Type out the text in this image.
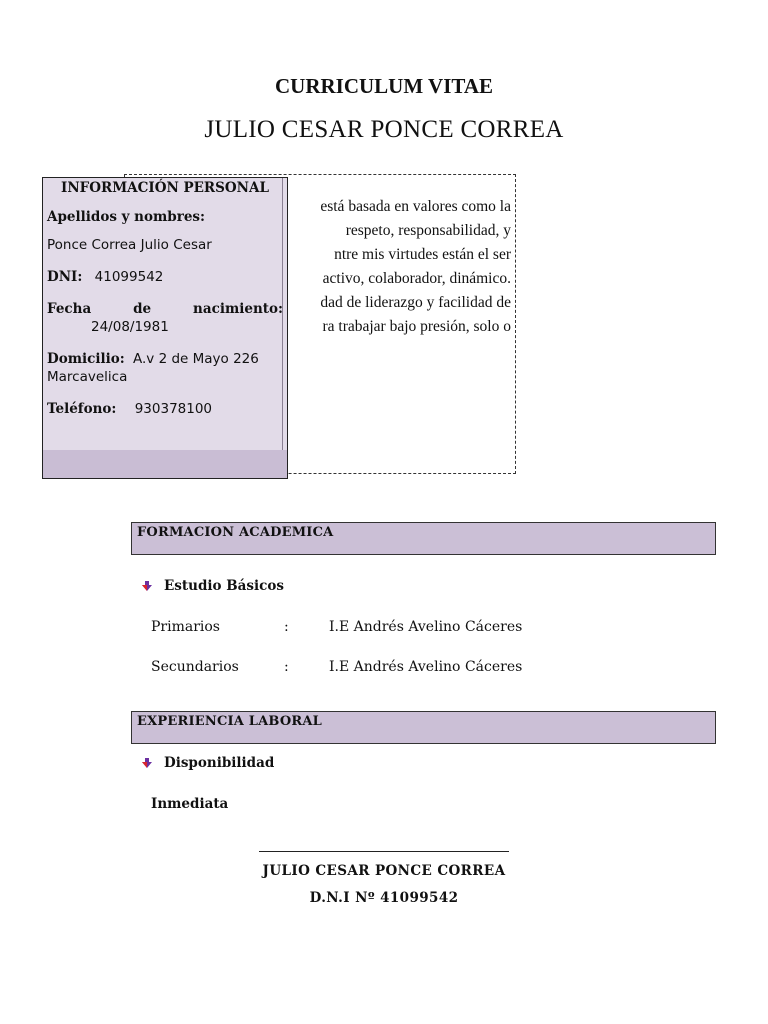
CURRICULUM VITAE
JULIO CESAR PONCE CORREA
está basada en valores como la
respeto, responsabilidad, y
ntre mis virtudes están el ser
activo, colaborador, dinámico.
dad de liderazgo y facilidad de
ra trabajar bajo presión, solo o
INFORMACIÓN PERSONAL
Apellidos y nombres:
Ponce Correa Julio Cesar
DNI: 41099542
Fecha	de	nacimiento:
24/08/1981
Domicilio: A.v 2 de Mayo 226
Marcavelica
Teléfono: 930378100
FORMACION ACADEMICA
Estudio Básicos
Primarios	:	I.E Andrés Avelino Cáceres
Secundarios	:	I.E Andrés Avelino Cáceres
EXPERIENCIA LABORAL
Disponibilidad
Inmediata
JULIO CESAR PONCE CORREA
D.N.I Nº 41099542
